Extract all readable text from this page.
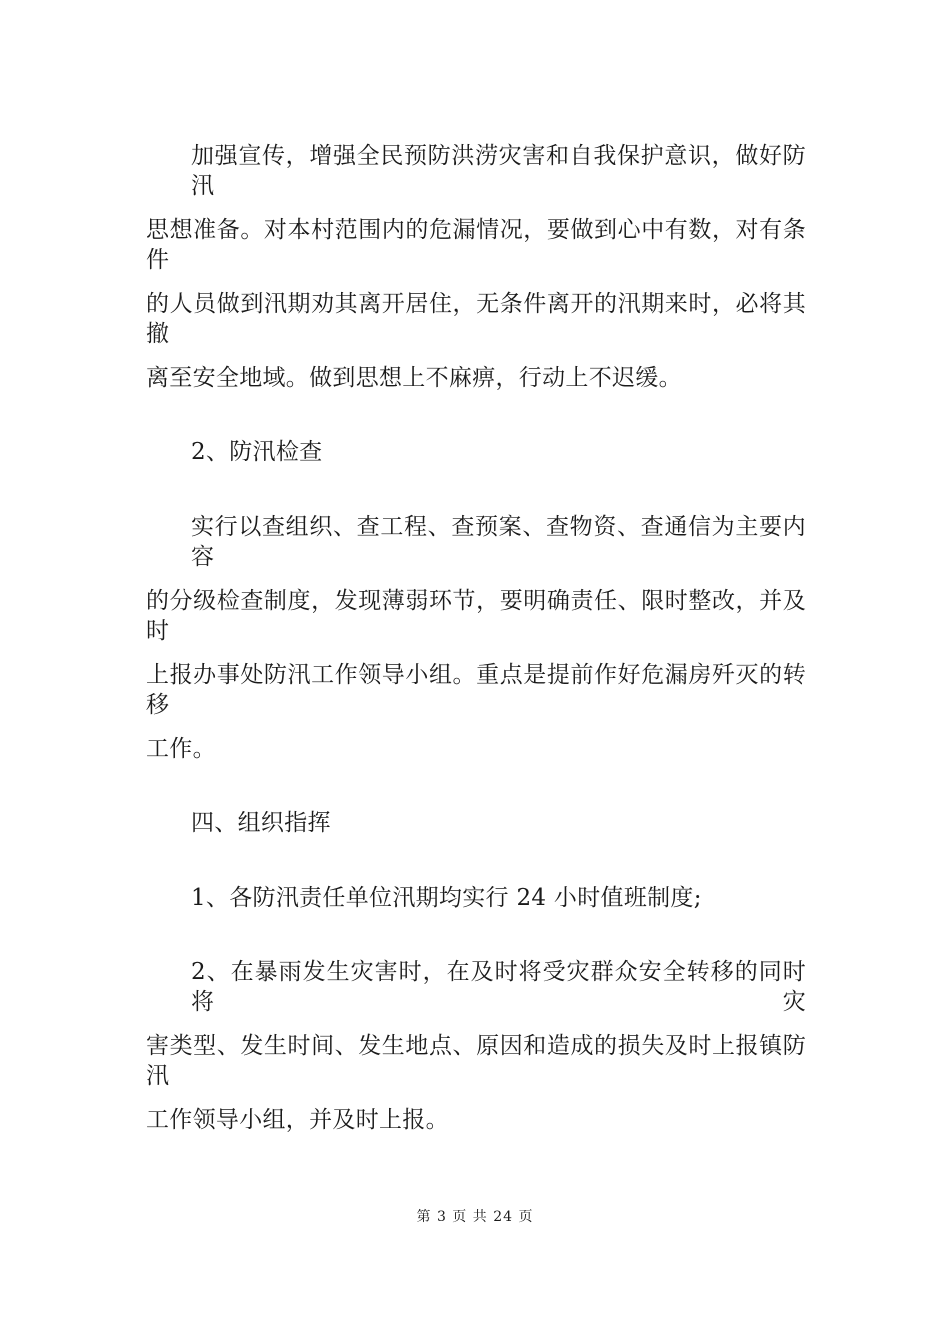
加强宣传，增强全民预防洪涝灾害和自我保护意识，做好防汛
思想准备。对本村范围内的危漏情况，要做到心中有数，对有条件
的人员做到汛期劝其离开居住，无条件离开的汛期来时，必将其撤
离至安全地域。做到思想上不麻痹，行动上不迟缓。
2、防汛检查
实行以查组织、查工程、查预案、查物资、查通信为主要内容
的分级检查制度，发现薄弱环节，要明确责任、限时整改，并及时
上报办事处防汛工作领导小组。重点是提前作好危漏房歼灭的转移
工作。
四、组织指挥
1、各防汛责任单位汛期均实行 24 小时值班制度;
2、在暴雨发生灾害时，在及时将受灾群众安全转移的同时将灾
害类型、发生时间、发生地点、原因和造成的损失及时上报镇防汛
工作领导小组，并及时上报。
第 3 页 共 24 页
